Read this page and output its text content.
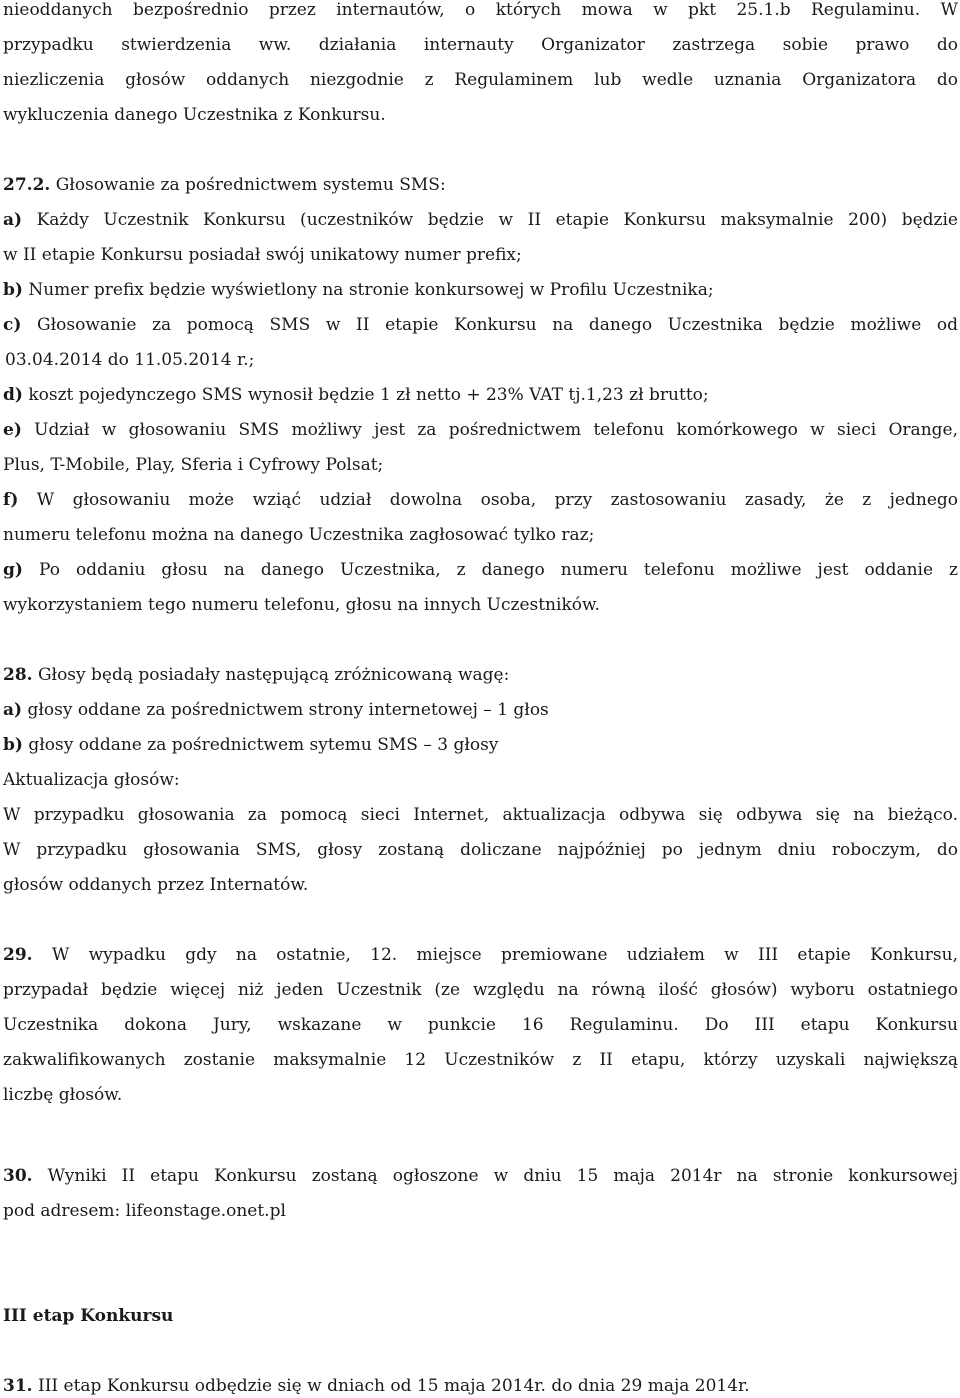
nieoddanych bezpośrednio przez internautów, o których mowa w pkt 25.1.b Regulaminu. W
przypadku stwierdzenia ww. działania internauty Organizator zastrzega sobie prawo do
niezliczenia głosów oddanych niezgodnie z Regulaminem lub wedle uznania Organizatora do
wykluczenia danego Uczestnika z Konkursu.
27.2. Głosowanie za pośrednictwem systemu SMS:
a) Każdy Uczestnik Konkursu (uczestników będzie w II etapie Konkursu maksymalnie 200) będzie
w II etapie Konkursu posiadał swój unikatowy numer prefix;
b) Numer prefix będzie wyświetlony na stronie konkursowej w Profilu Uczestnika;
c) Głosowanie za pomocą SMS w II etapie Konkursu na danego Uczestnika będzie możliwe od
03.04.2014 do 11.05.2014 r.;
d) koszt pojedynczego SMS wynosił będzie 1 zł netto + 23% VAT tj.1,23 zł brutto;
e) Udział w głosowaniu SMS możliwy jest za pośrednictwem telefonu komórkowego w sieci Orange,
Plus, T-Mobile, Play, Sferia i Cyfrowy Polsat;
f) W głosowaniu może wziąć udział dowolna osoba, przy zastosowaniu zasady, że z jednego
numeru telefonu można na danego Uczestnika zagłosować tylko raz;
g) Po oddaniu głosu na danego Uczestnika, z danego numeru telefonu możliwe jest oddanie z
wykorzystaniem tego numeru telefonu, głosu na innych Uczestników.
28. Głosy będą posiadały następującą zróżnicowaną wagę:
a) głosy oddane za pośrednictwem strony internetowej – 1 głos
b) głosy oddane za pośrednictwem sytemu SMS – 3 głosy
Aktualizacja głosów:
W przypadku głosowania za pomocą sieci Internet, aktualizacja odbywa się odbywa się na bieżąco.
W przypadku głosowania SMS, głosy zostaną doliczane najpóźniej po jednym dniu roboczym, do
głosów oddanych przez Internatów.
29. W wypadku gdy na ostatnie, 12. miejsce premiowane udziałem w III etapie Konkursu,
przypadał będzie więcej niż jeden Uczestnik (ze względu na równą ilość głosów) wyboru ostatniego
Uczestnika dokona Jury, wskazane w punkcie 16 Regulaminu. Do III etapu Konkursu
zakwalifikowanych zostanie maksymalnie 12 Uczestników z II etapu, którzy uzyskali największą
liczbę głosów.
30. Wyniki II etapu Konkursu zostaną ogłoszone w dniu 15 maja 2014r na stronie konkursowej
pod adresem: lifeonstage.onet.pl
III etap Konkursu
31. III etap Konkursu odbędzie się w dniach od 15 maja 2014r. do dnia 29 maja 2014r.
